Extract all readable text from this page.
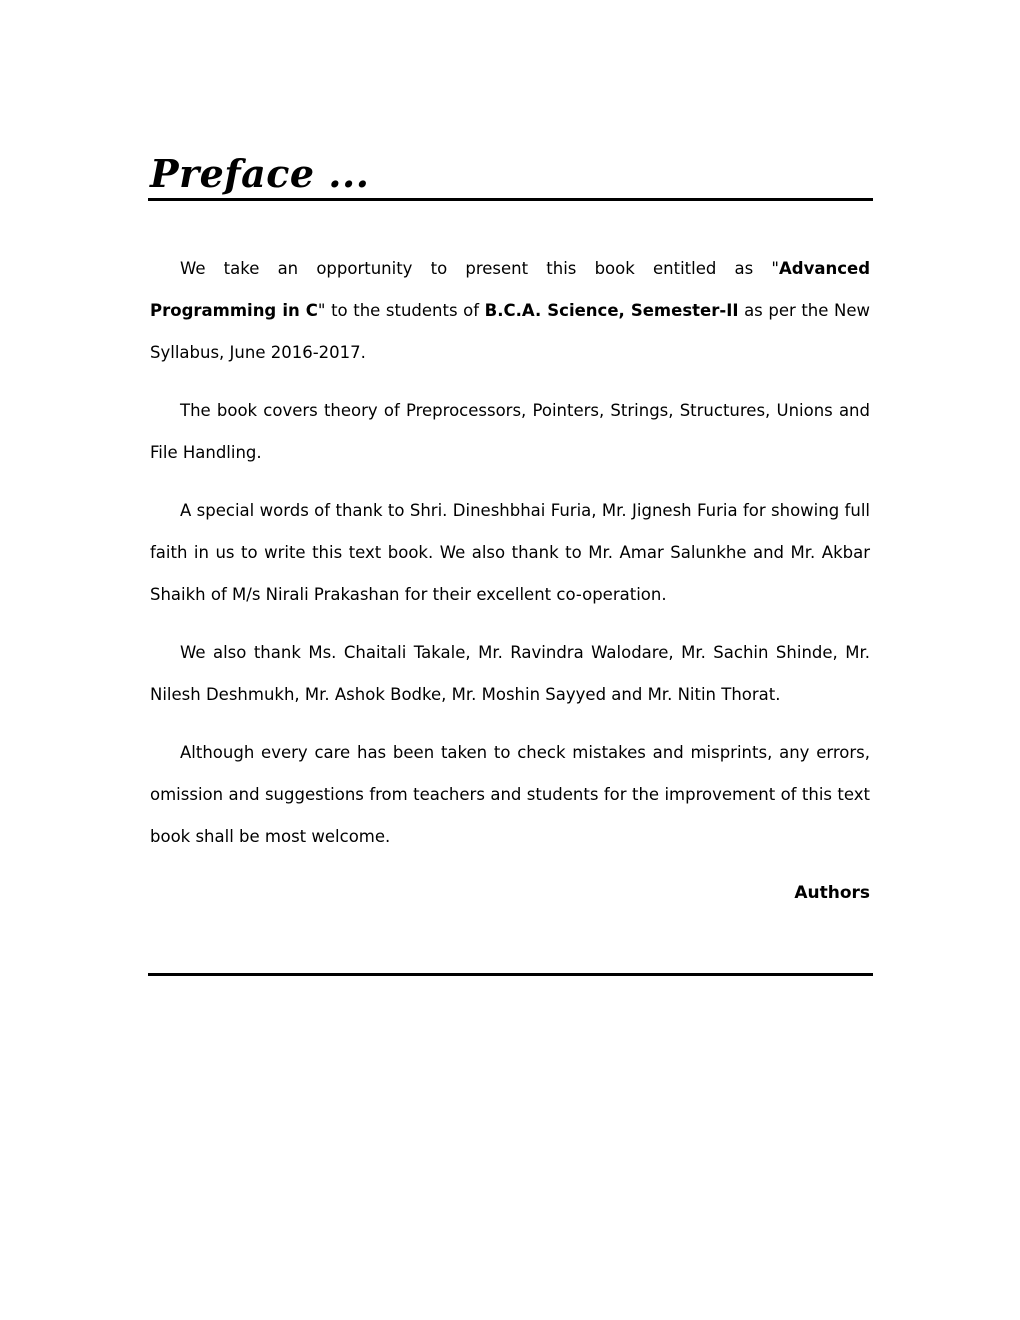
Preface ...

We take an opportunity to present this book entitled as "Advanced Programming in C" to the students of B.C.A. Science, Semester-II as per the New Syllabus, June 2016-2017.

The book covers theory of Preprocessors, Pointers, Strings, Structures, Unions and File Handling.

A special words of thank to Shri. Dineshbhai Furia, Mr. Jignesh Furia for showing full faith in us to write this text book. We also thank to Mr. Amar Salunkhe and Mr. Akbar Shaikh of M/s Nirali Prakashan for their excellent co-operation.

We also thank Ms. Chaitali Takale, Mr. Ravindra Walodare, Mr. Sachin Shinde, Mr. Nilesh Deshmukh, Mr. Ashok Bodke, Mr. Moshin Sayyed and Mr. Nitin Thorat.

Although every care has been taken to check mistakes and misprints, any errors, omission and suggestions from teachers and students for the improvement of this text book shall be most welcome.

Authors
